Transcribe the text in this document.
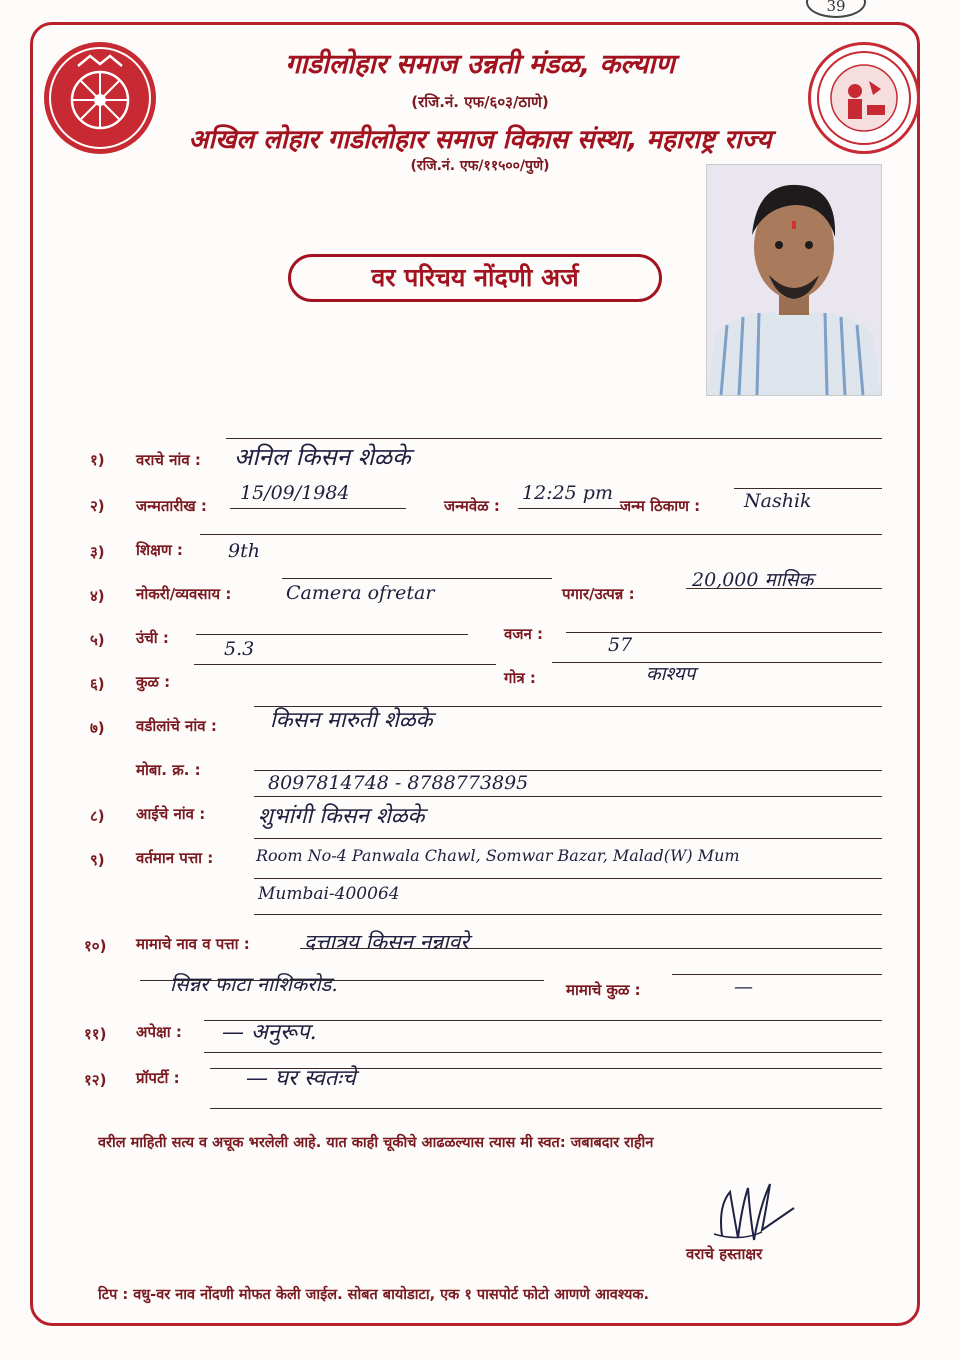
39
गाडीलोहार समाज उन्नती मंडळ, कल्याण
(रजि.नं. एफ/६०३/ठाणे)
अखिल लोहार गाडीलोहार समाज विकास संस्था, महाराष्ट्र राज्य
(रजि.नं. एफ/११५००/पुणे)
वर परिचय नोंदणी अर्ज
१) वराचे नांव : अनिल किसन शेळके
२) जन्मतारीख :
15/09/1984
जन्मवेळ :
12:25 pm
जन्म ठिकाण : Nashik
३) शिक्षण : 9th
४) नोकरी/व्यवसाय :	Camera ofretar	पगार/उत्पन्न :
20,000 मासिक
५) उंची :	5.3
वजन :	57
६) कुळ :	गोत्र :	काश्यप
७) वडीलांचे नांव : किसन मारुती शेळके
मोबा. क्र. :
8097814748 - 8788773895
८) आईचे नांव : शुभांगी किसन शेळके
९) वर्तमान पत्ता :	Room No-4 Panwala Chawl, Somwar Bazar, Malad(W) Mum
Mumbai-400064
१०) मामाचे नाव व पत्ता :	दत्तात्रय किसन नन्नावरे
सिन्नर फाटा नाशिकरोड.	मामाचे कुळ :	—
११) अपेक्षा : — अनुरूप.
१२) प्रॉपर्टी :	— घर स्वतःचे
वरील माहिती सत्य व अचूक भरलेली आहे. यात काही चूकीचे आढळल्यास त्यास मी स्वत: जबाबदार राहीन
वराचे हस्ताक्षर
टिप : वधु-वर नाव नोंदणी मोफत केली जाईल. सोबत बायोडाटा, एक १ पासपोर्ट फोटो आणणे आवश्यक.
